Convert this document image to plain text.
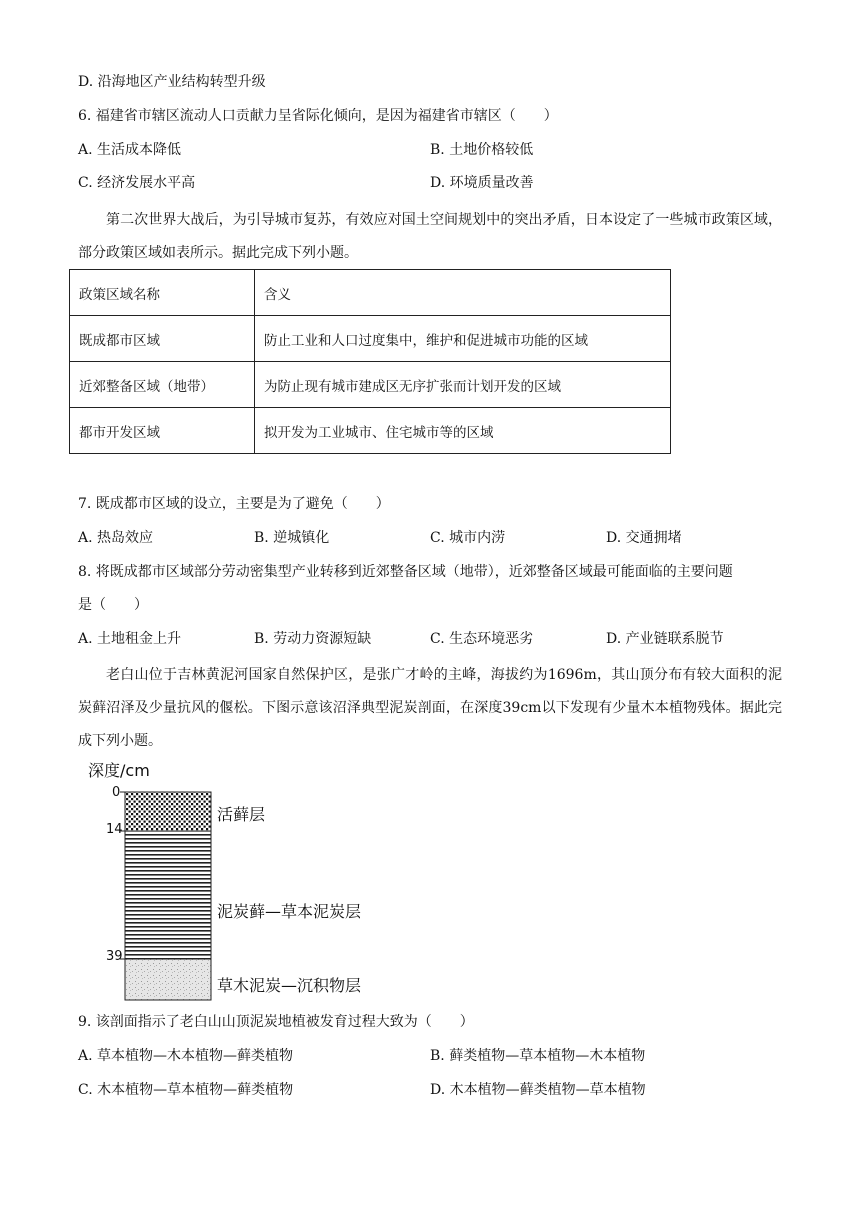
D. 沿海地区产业结构转型升级
6. 福建省市辖区流动人口贡献力呈省际化倾向，是因为福建省市辖区（　　）
A. 生活成本降低	B. 土地价格较低
C. 经济发展水平高	D. 环境质量改善
第二次世界大战后，为引导城市复苏，有效应对国土空间规划中的突出矛盾，日本设定了一些城市政策区域，部分政策区域如表所示。据此完成下列小题。
政策区域名称	含义
既成都市区域	防止工业和人口过度集中，维护和促进城市功能的区域
近郊整备区域（地带）	为防止现有城市建成区无序扩张而计划开发的区域
都市开发区域	拟开发为工业城市、住宅城市等的区域
7. 既成都市区域的设立，主要是为了避免（　　）
A. 热岛效应	B. 逆城镇化	C. 城市内涝	D. 交通拥堵
8. 将既成都市区域部分劳动密集型产业转移到近郊整备区域（地带），近郊整备区域最可能面临的主要问题
是（　　）
A. 土地租金上升	B. 劳动力资源短缺	C. 生态环境恶劣	D. 产业链联系脱节
老白山位于吉林黄泥河国家自然保护区，是张广才岭的主峰，海拔约为1696m，其山顶分布有较大面积的泥炭藓沼泽及少量抗风的偃松。下图示意该沼泽典型泥炭剖面，在深度39cm以下发现有少量木本植物残体。据此完成下列小题。
深度/cm
0
14
39
活藓层
泥炭藓—草本泥炭层
草木泥炭—沉积物层
9. 该剖面指示了老白山山顶泥炭地植被发育过程大致为（　　）
A. 草本植物—木本植物—藓类植物	B. 藓类植物—草本植物—木本植物
C. 木本植物—草本植物—藓类植物	D. 木本植物—藓类植物—草本植物
